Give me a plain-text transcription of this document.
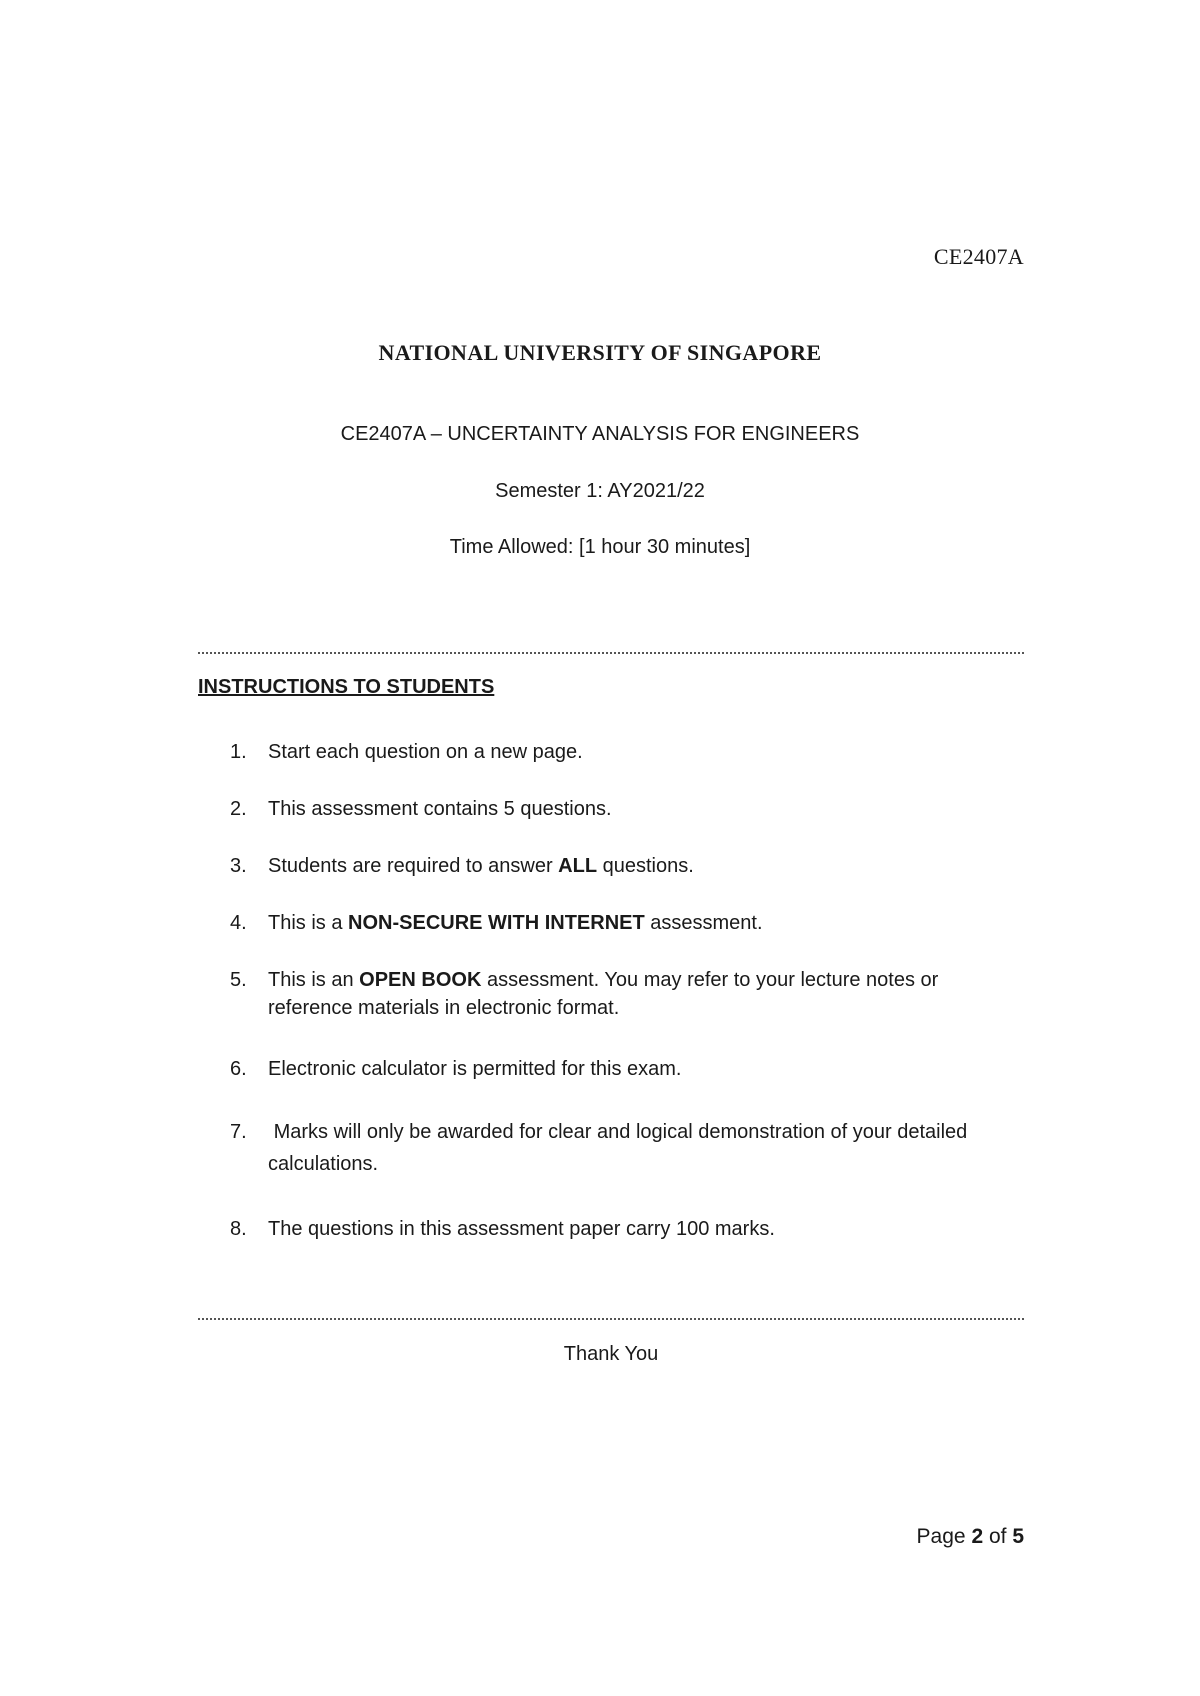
CE2407A
NATIONAL UNIVERSITY OF SINGAPORE
CE2407A – UNCERTAINTY ANALYSIS FOR ENGINEERS
Semester 1: AY2021/22
Time Allowed: [1 hour 30 minutes]
INSTRUCTIONS TO STUDENTS
1.	Start each question on a new page.
2.	This assessment contains 5 questions.
3.	Students are required to answer ALL questions.
4.	This is a NON-SECURE WITH INTERNET assessment.
5.	This is an OPEN BOOK assessment. You may refer to your lecture notes or reference materials in electronic format.
6.	Electronic calculator is permitted for this exam.
7.	Marks will only be awarded for clear and logical demonstration of your detailed calculations.
8.	The questions in this assessment paper carry 100 marks.
Thank You
Page 2 of 5
